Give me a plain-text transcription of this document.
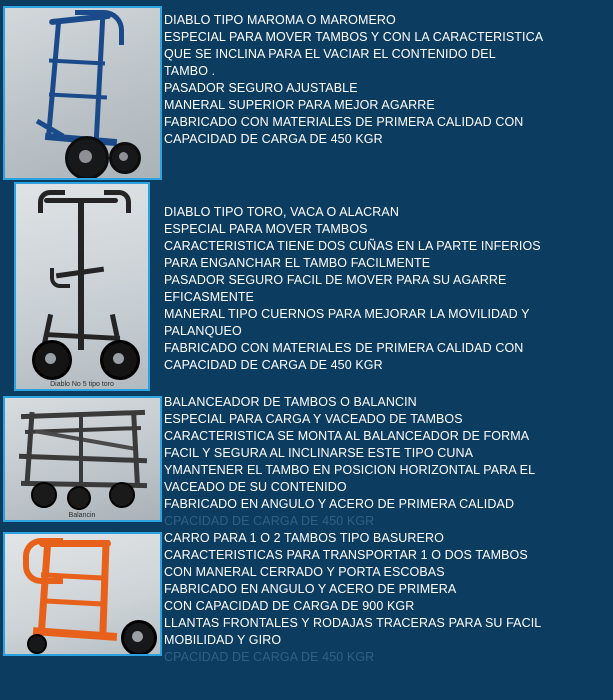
DIABLO TIPO MAROMA O MAROMERO
ESPECIAL PARA MOVER TAMBOS Y CON LA CARACTERISTICA
QUE SE INCLINA PARA EL VACIAR EL CONTENIDO DEL
TAMBO .
PASADOR SEGURO AJUSTABLE
MANERAL SUPERIOR PARA MEJOR AGARRE
FABRICADO CON MATERIALES DE PRIMERA CALIDAD CON
CAPACIDAD DE CARGA DE 450 KGR
Diablo No 5 tipo toro
DIABLO TIPO TORO, VACA O ALACRAN
ESPECIAL PARA MOVER TAMBOS
CARACTERISTICA TIENE DOS CUÑAS EN LA PARTE INFERIOS
PARA ENGANCHAR EL TAMBO FACILMENTE
PASADOR SEGURO FACIL DE MOVER PARA SU AGARRE
EFICASMENTE
MANERAL TIPO CUERNOS PARA MEJORAR LA MOVILIDAD Y
PALANQUEO
FABRICADO CON MATERIALES DE PRIMERA CALIDAD CON
CAPACIDAD DE CARGA DE 450 KGR
Balancin
BALANCEADOR DE TAMBOS O BALANCIN
ESPECIAL PARA CARGA Y VACEADO DE TAMBOS
CARACTERISTICA SE MONTA AL BALANCEADOR DE FORMA
FACIL Y SEGURA AL INCLINARSE ESTE TIPO CUNA
YMANTENER EL TAMBO EN POSICION HORIZONTAL PARA EL
VACEADO DE SU CONTENIDO
FABRICADO EN ANGULO Y ACERO DE PRIMERA CALIDAD
CPACIDAD DE CARGA DE 450 KGR
CARRO PARA 1 O 2 TAMBOS TIPO BASURERO
CARACTERISTICAS PARA TRANSPORTAR 1 O DOS TAMBOS
CON MANERAL CERRADO Y PORTA ESCOBAS
FABRICADO EN ANGULO Y ACERO DE PRIMERA
CON CAPACIDAD DE CARGA DE 900 KGR
LLANTAS FRONTALES Y RODAJAS TRACERAS PARA SU FACIL
MOBILIDAD Y GIRO
CPACIDAD DE CARGA DE 450 KGR
